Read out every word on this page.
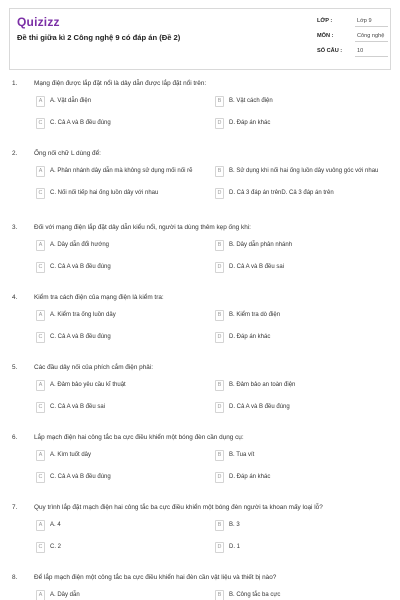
Quizizz
Đề thi giữa kì 2 Công nghệ 9 có đáp án (Đề 2)
LỚP :	Lớp 9
MÔN :	Công nghệ
SỐ CÂU :	10
1.	Mạng điện được lắp đặt nổi là dây dẫn được lắp đặt nổi trên:
A	A. Vật dẫn điện	B	B. Vật cách điện
C	C. Cả A và B đều đúng	D	D. Đáp án khác
2.	Ống nối chữ L dùng để:
A	A. Phân nhánh dây dẫn mà không sử dụng mối nối rẽ	B	B. Sử dụng khi nối hai ống luồn dây vuông góc với nhau
C	C. Nối nối tiếp hai ống luồn dây với nhau	D	D. Cả 3 đáp án trênD. Cả 3 đáp án trên
3.	Đối với mạng điện lắp đặt dây dẫn kiểu nổi, người ta dùng thêm kẹp ống khi:
A	A. Dây dẫn đổi hướng	B	B. Dây dẫn phân nhánh
C	C. Cả A và B đều đúng	D	D. Cả A và B đều sai
4.	Kiểm tra cách điện của mạng điện là kiểm tra:
A	A. Kiểm tra ống luồn dây	B	B. Kiểm tra dò điện
C	C. Cả A và B đều đúng	D	D. Đáp án khác
5.	Các đầu dây nối của phích cắm điện phải:
A	A. Đảm bảo yêu cầu kĩ thuật	B	B. Đảm bảo an toàn điện
C	C. Cả A và B đều sai	D	D. Cả A và B đều đúng
6.	Lắp mạch điện hai công tắc ba cực điều khiển một bóng đèn cần dụng cụ:
A	A. Kìm tuốt dây	B	B. Tua vít
C	C. Cả A và B đều đúng	D	D. Đáp án khác
7.	Quy trình lắp đặt mạch điện hai công tắc ba cực điều khiển một bóng đèn người ta khoan mấy loại lỗ?
A	A. 4	B	B. 3
C	C. 2	D	D. 1
8.	Để lắp mạch điện một công tắc ba cực điều khiển hai đèn cần vật liệu và thiết bị nào?
A	A. Dây dẫn	B	B. Công tắc ba cực
